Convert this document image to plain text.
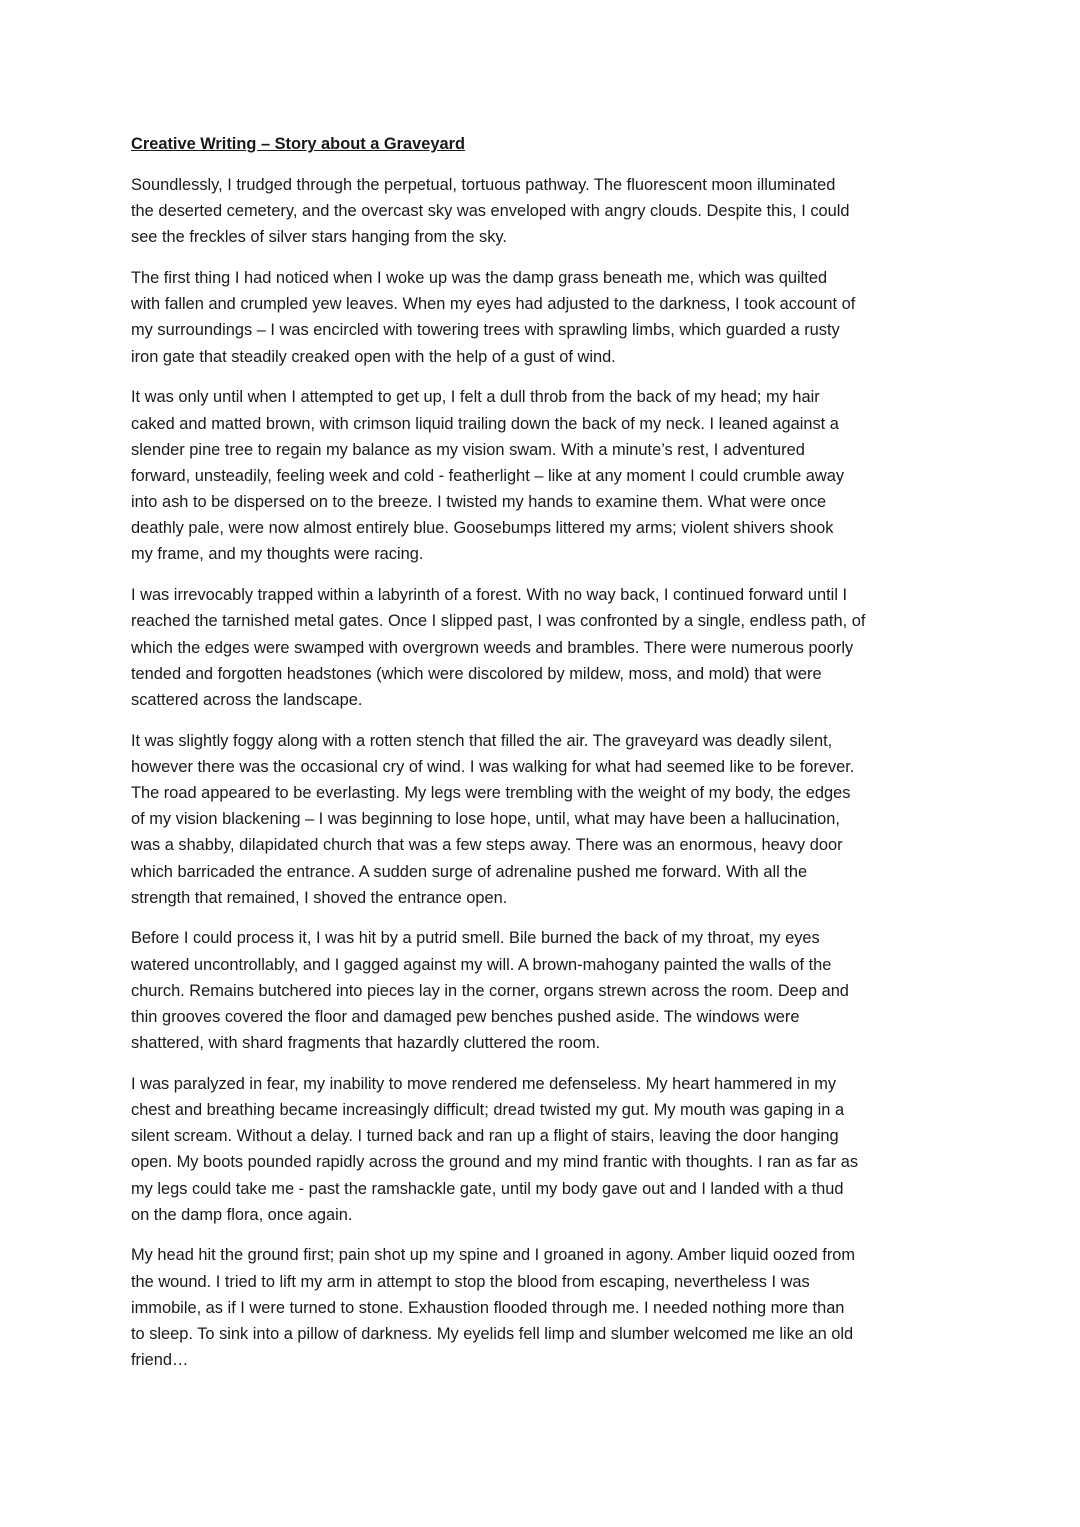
Creative Writing – Story about a Graveyard
Soundlessly, I trudged through the perpetual, tortuous pathway. The fluorescent moon illuminated
the deserted cemetery, and the overcast sky was enveloped with angry clouds. Despite this, I could
see the freckles of silver stars hanging from the sky.
The first thing I had noticed when I woke up was the damp grass beneath me, which was quilted
with fallen and crumpled yew leaves. When my eyes had adjusted to the darkness, I took account of
my surroundings – I was encircled with towering trees with sprawling limbs, which guarded a rusty
iron gate that steadily creaked open with the help of a gust of wind.
It was only until when I attempted to get up, I felt a dull throb from the back of my head; my hair
caked and matted brown, with crimson liquid trailing down the back of my neck. I leaned against a
slender pine tree to regain my balance as my vision swam. With a minute’s rest, I adventured
forward, unsteadily, feeling week and cold - featherlight – like at any moment I could crumble away
into ash to be dispersed on to the breeze. I twisted my hands to examine them. What were once
deathly pale, were now almost entirely blue. Goosebumps littered my arms; violent shivers shook
my frame, and my thoughts were racing.
I was irrevocably trapped within a labyrinth of a forest. With no way back, I continued forward until I
reached the tarnished metal gates. Once I slipped past, I was confronted by a single, endless path, of
which the edges were swamped with overgrown weeds and brambles. There were numerous poorly
tended and forgotten headstones (which were discolored by mildew, moss, and mold) that were
scattered across the landscape.
It was slightly foggy along with a rotten stench that filled the air. The graveyard was deadly silent,
however there was the occasional cry of wind. I was walking for what had seemed like to be forever.
The road appeared to be everlasting. My legs were trembling with the weight of my body, the edges
of my vision blackening – I was beginning to lose hope, until, what may have been a hallucination,
was a shabby, dilapidated church that was a few steps away. There was an enormous, heavy door
which barricaded the entrance. A sudden surge of adrenaline pushed me forward. With all the
strength that remained, I shoved the entrance open.
Before I could process it, I was hit by a putrid smell. Bile burned the back of my throat, my eyes
watered uncontrollably, and I gagged against my will. A brown-mahogany painted the walls of the
church. Remains butchered into pieces lay in the corner, organs strewn across the room. Deep and
thin grooves covered the floor and damaged pew benches pushed aside. The windows were
shattered, with shard fragments that hazardly cluttered the room.
I was paralyzed in fear, my inability to move rendered me defenseless. My heart hammered in my
chest and breathing became increasingly difficult; dread twisted my gut. My mouth was gaping in a
silent scream. Without a delay. I turned back and ran up a flight of stairs, leaving the door hanging
open. My boots pounded rapidly across the ground and my mind frantic with thoughts. I ran as far as
my legs could take me - past the ramshackle gate, until my body gave out and I landed with a thud
on the damp flora, once again.
My head hit the ground first; pain shot up my spine and I groaned in agony. Amber liquid oozed from
the wound. I tried to lift my arm in attempt to stop the blood from escaping, nevertheless I was
immobile, as if I were turned to stone. Exhaustion flooded through me. I needed nothing more than
to sleep. To sink into a pillow of darkness. My eyelids fell limp and slumber welcomed me like an old
friend…
